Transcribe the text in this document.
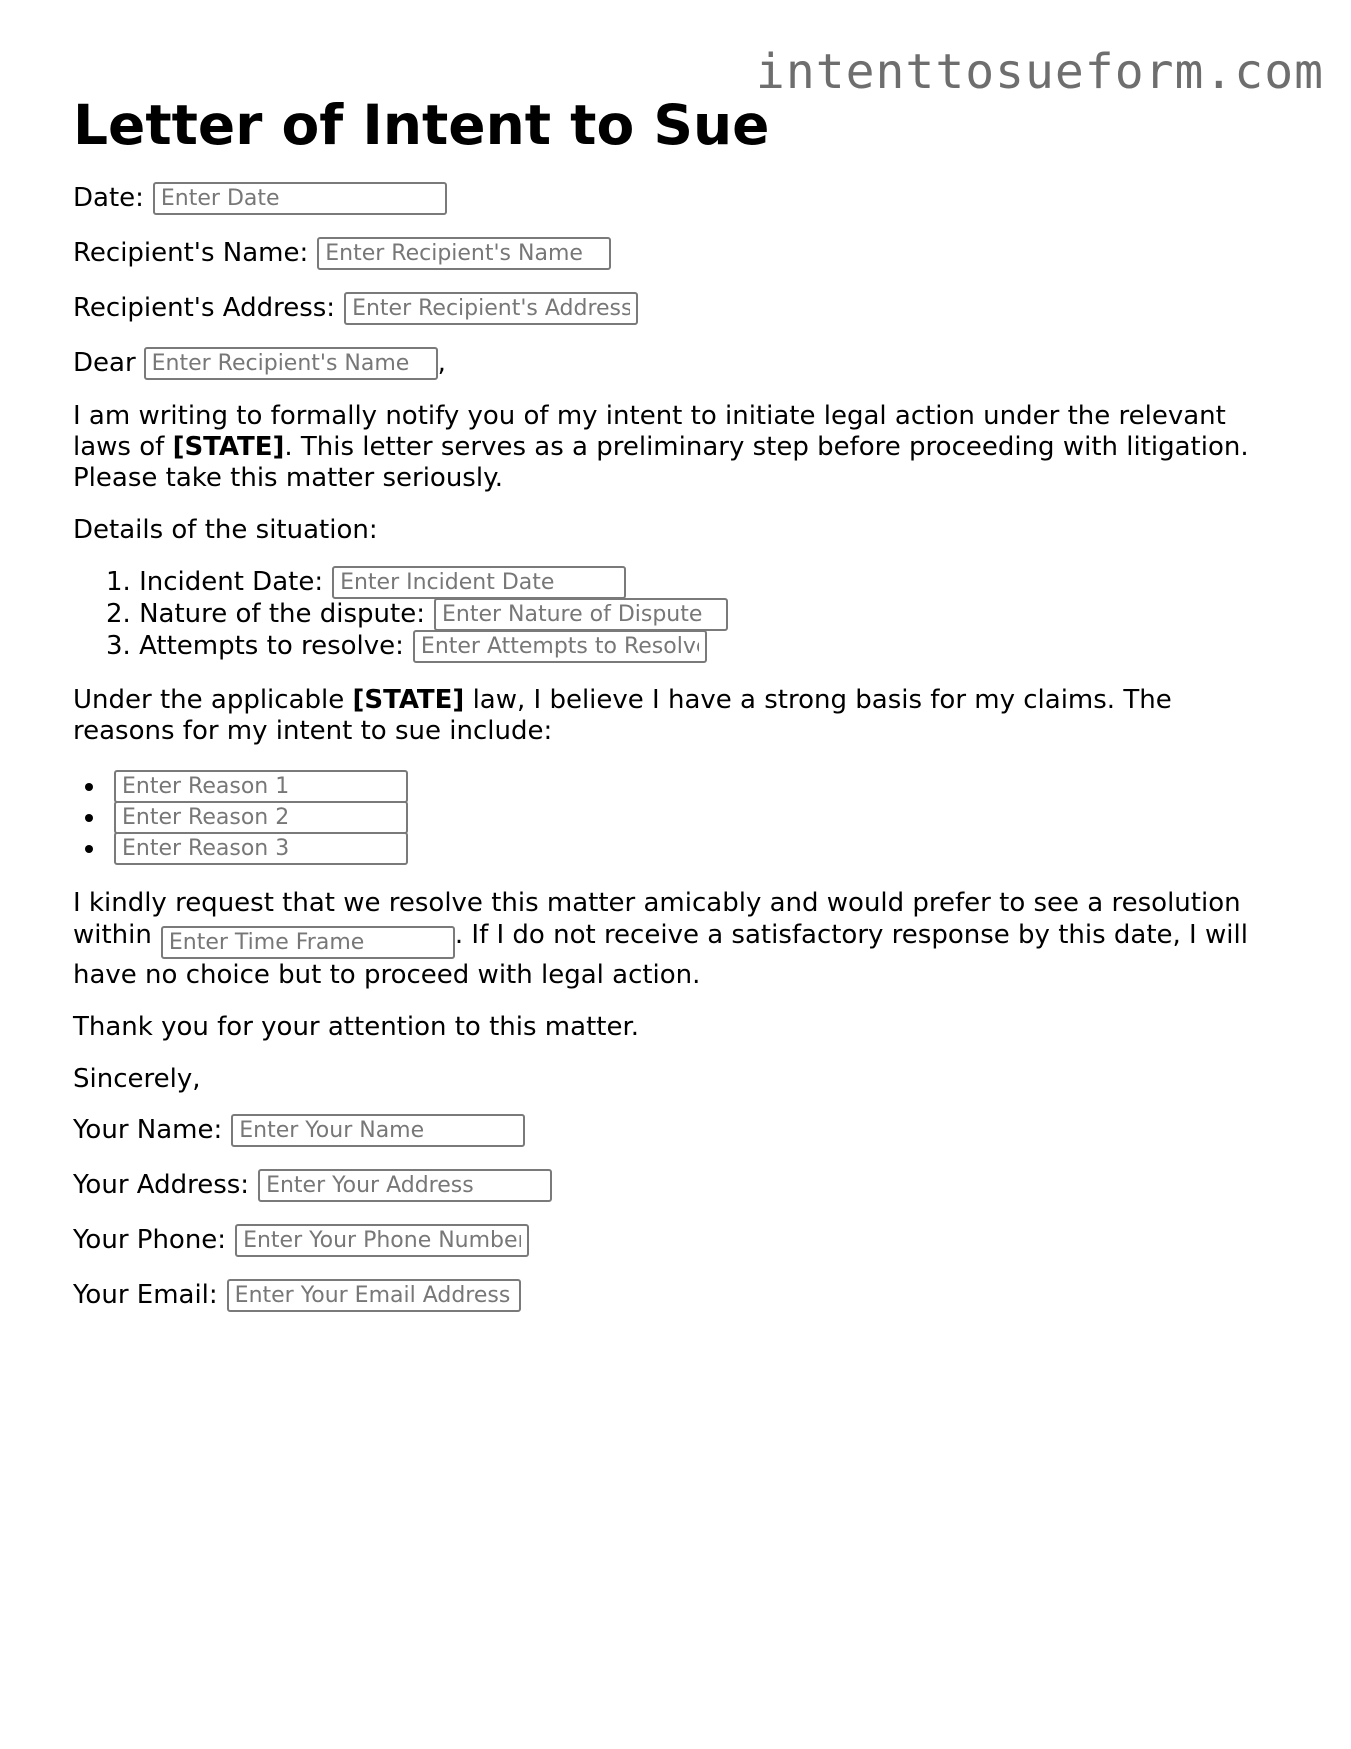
intenttosueform.com
Letter of Intent to Sue
Date:
Enter Date
Recipient's Name:
Enter Recipient's Name
Recipient's Address:
Enter Recipient's Address
Dear
Enter Recipient's Name	,

I am writing to formally notify you of my intent to initiate legal action under the relevant laws of [STATE]. This letter serves as a preliminary step before proceeding with litigation. Please take this matter seriously.

Details of the situation:

1. Incident Date:
Enter Incident Date
2. Nature of the dispute:
Enter Nature of Dispute
3. Attempts to resolve:
Enter Attempts to Resolve

Under the applicable [STATE] law, I believe I have a strong basis for my claims. The reasons for my intent to sue include:

Enter Reason 1
Enter Reason 2
Enter Reason 3

I kindly request that we resolve this matter amicably and would prefer to see a resolution withinEnter Time Frame	. If I do not receive a satisfactory response by this date, I will have no choice but to proceed with legal action.

Thank you for your attention to this matter.

Sincerely,

Your Name:
Enter Your Name
Your Address:
Enter Your Address
Your Phone:
Enter Your Phone Number
Your Email:
Enter Your Email Address
